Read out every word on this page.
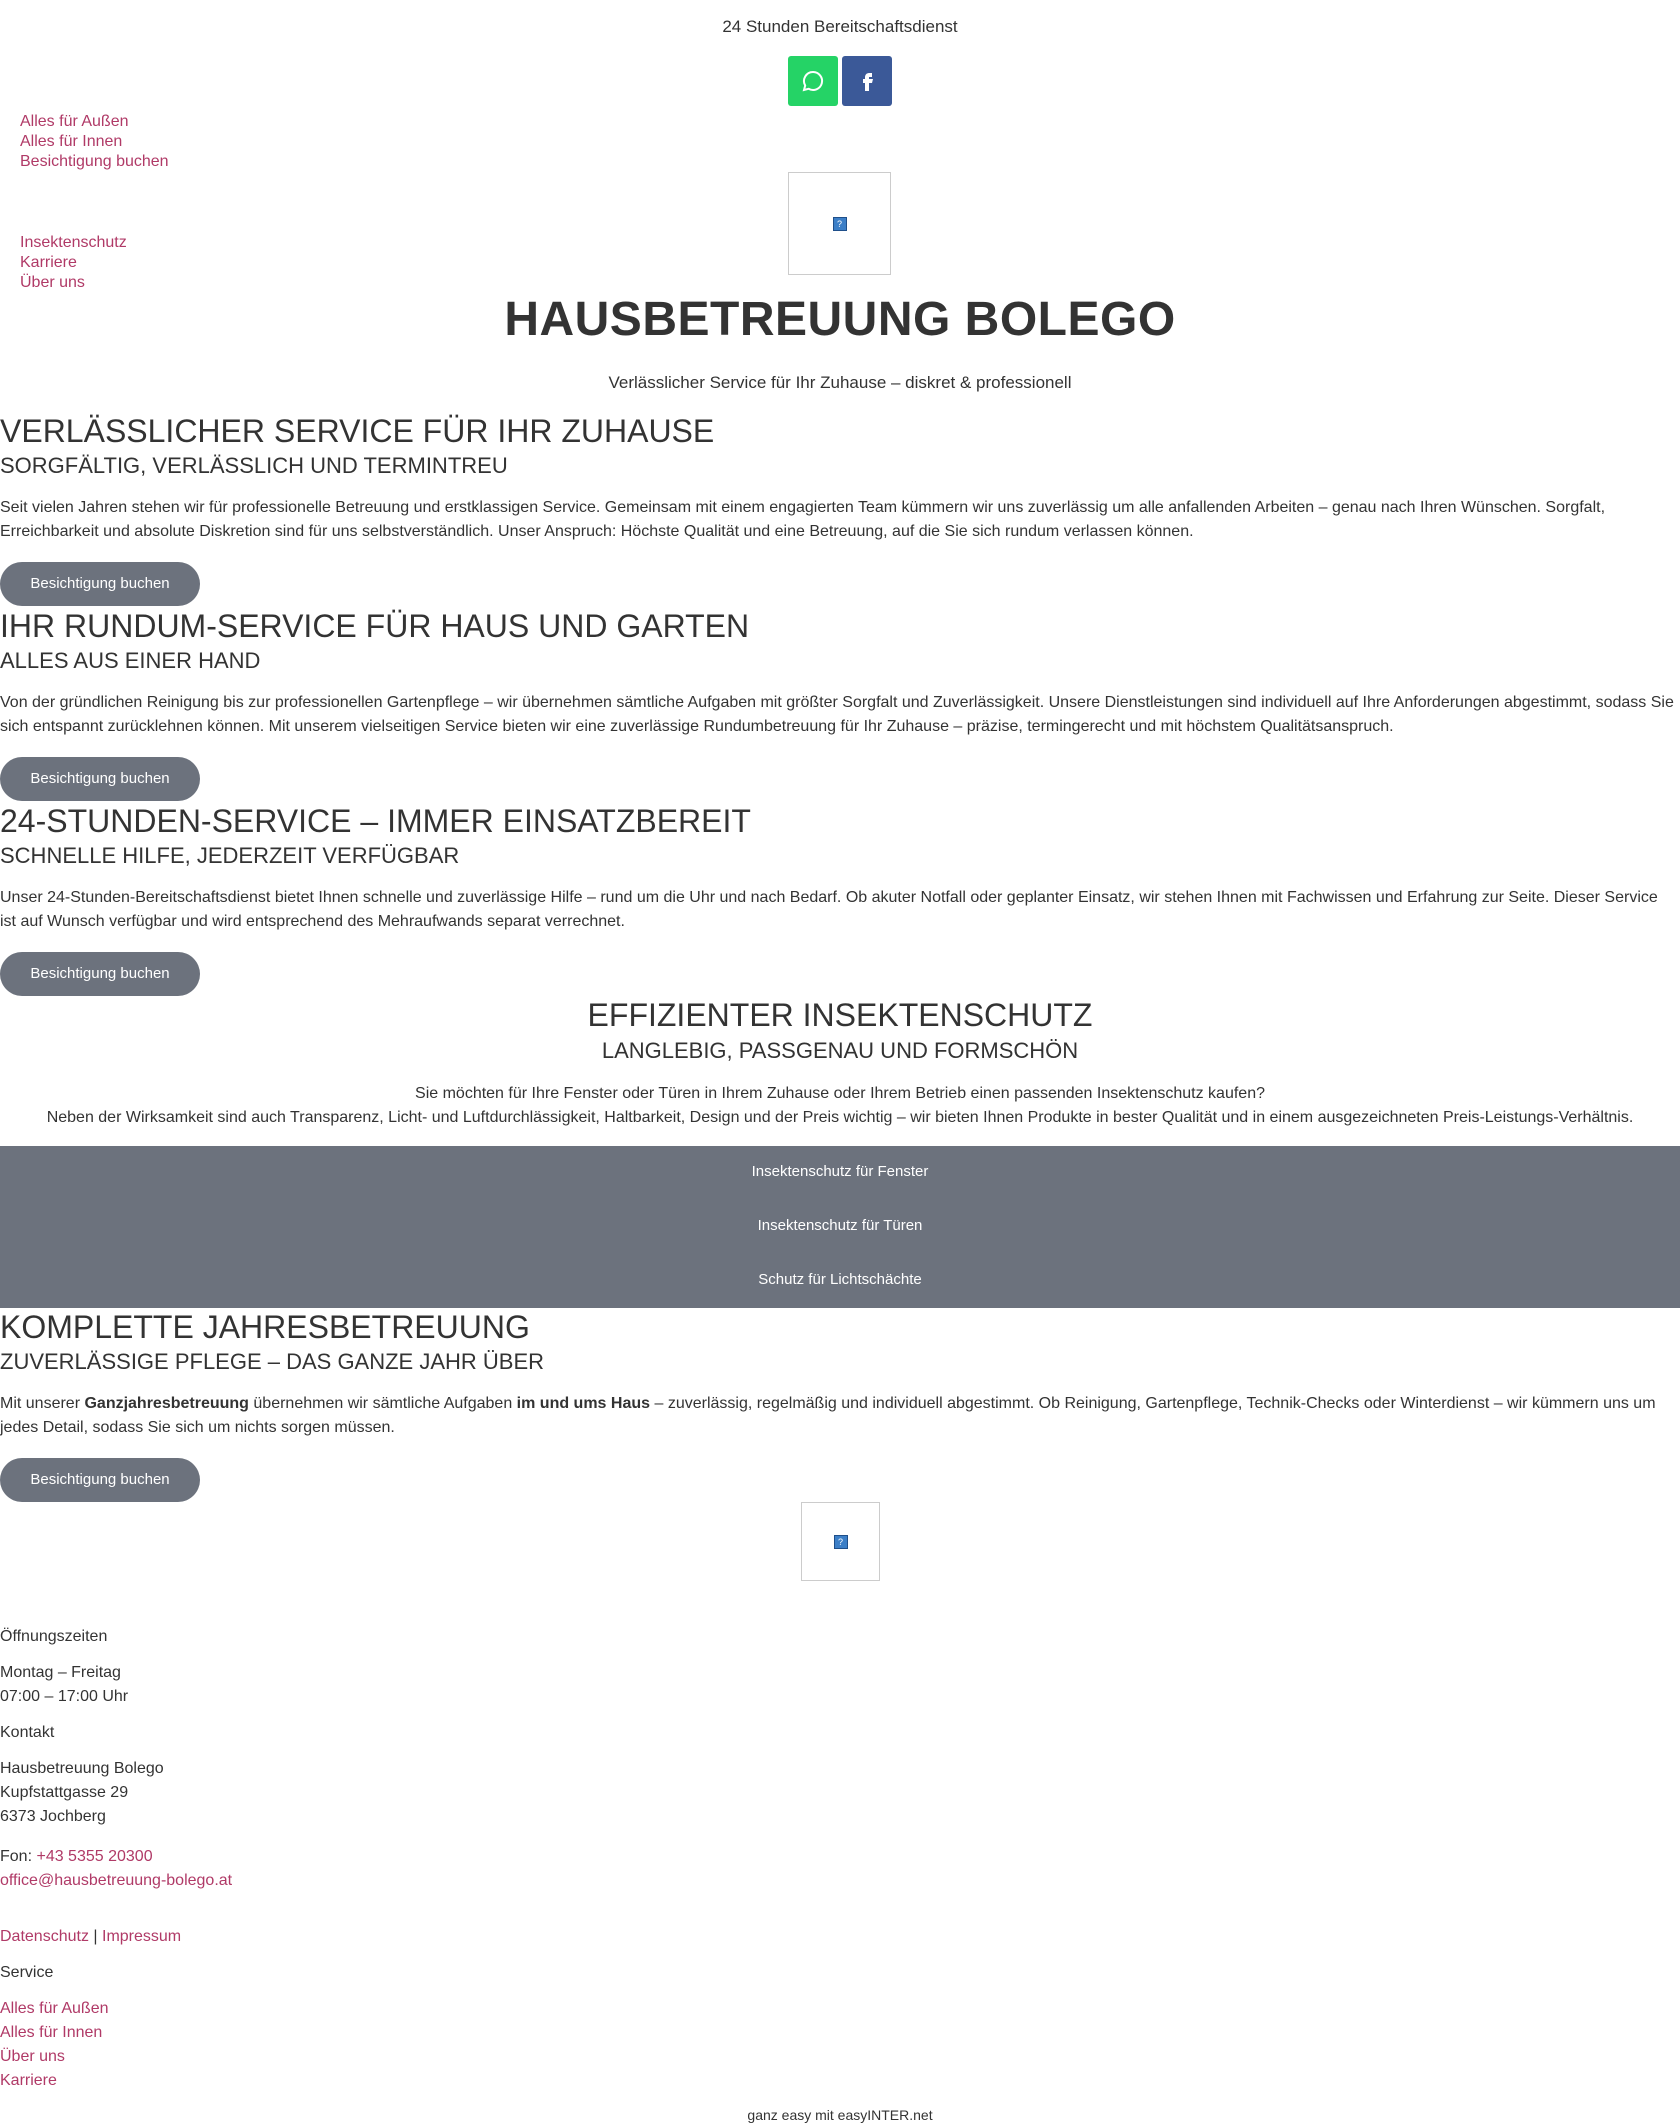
24 Stunden Bereitschaftsdienst
Alles für Außen
Alles für Innen
Besichtigung buchen
Insektenschutz
Karriere
Über uns
?
HAUSBETREUUNG BOLEGO
Verlässlicher Service für Ihr Zuhause – diskret & professionell
VERLÄSSLICHER SERVICE FÜR IHR ZUHAUSE
SORGFÄLTIG, VERLÄSSLICH UND TERMINTREU

Seit vielen Jahren stehen wir für professionelle Betreuung und erstklassigen Service. Gemeinsam mit einem engagierten Team kümmern wir uns zuverlässig um alle anfallenden Arbeiten – genau nach Ihren Wünschen. Sorgfalt, Erreichbarkeit und absolute Diskretion sind für uns selbstverständlich. Unser Anspruch: Höchste Qualität und eine Betreuung, auf die Sie sich rundum verlassen können.

Besichtigung buchen
IHR RUNDUM-SERVICE FÜR HAUS UND GARTEN
ALLES AUS EINER HAND

Von der gründlichen Reinigung bis zur professionellen Gartenpflege – wir übernehmen sämtliche Aufgaben mit größter Sorgfalt und Zuverlässigkeit. Unsere Dienstleistungen sind individuell auf Ihre Anforderungen abgestimmt, sodass Sie sich entspannt zurücklehnen können. Mit unserem vielseitigen Service bieten wir eine zuverlässige Rundumbetreuung für Ihr Zuhause – präzise, termingerecht und mit höchstem Qualitätsanspruch.

Besichtigung buchen
24-STUNDEN-SERVICE – IMMER EINSATZBEREIT
SCHNELLE HILFE, JEDERZEIT VERFÜGBAR

Unser 24-Stunden-Bereitschaftsdienst bietet Ihnen schnelle und zuverlässige Hilfe – rund um die Uhr und nach Bedarf. Ob akuter Notfall oder geplanter Einsatz, wir stehen Ihnen mit Fachwissen und Erfahrung zur Seite. Dieser Service ist auf Wunsch verfügbar und wird entsprechend des Mehraufwands separat verrechnet.

Besichtigung buchen
EFFIZIENTER INSEKTENSCHUTZ
LANGLEBIG, PASSGENAU UND FORMSCHÖN
Sie möchten für Ihre Fenster oder Türen in Ihrem Zuhause oder Ihrem Betrieb einen passenden Insektenschutz kaufen?
Neben der Wirksamkeit sind auch Transparenz, Licht- und Luftdurchlässigkeit, Haltbarkeit, Design und der Preis wichtig – wir bieten Ihnen Produkte in bester Qualität und in einem ausgezeichneten Preis-Leistungs-Verhältnis.
Insektenschutz für Fenster
Insektenschutz für Türen
Schutz für Lichtschächte
KOMPLETTE JAHRESBETREUUNG
ZUVERLÄSSIGE PFLEGE – DAS GANZE JAHR ÜBER

Mit unserer Ganzjahresbetreuung übernehmen wir sämtliche Aufgaben im und ums Haus – zuverlässig, regelmäßig und individuell abgestimmt. Ob Reinigung, Gartenpflege, Technik-Checks oder Winterdienst – wir kümmern uns um jedes Detail, sodass Sie sich um nichts sorgen müssen.

Besichtigung buchen
?
Öffnungszeiten
Montag – Freitag
07:00 – 17:00 Uhr
Kontakt
Hausbetreuung Bolego
Kupfstattgasse 29
6373 Jochberg
Fon: +43 5355 20300
office@hausbetreuung-bolego.at
Datenschutz | Impressum
Service
Alles für Außen
Alles für Innen
Über uns
Karriere
ganz easy mit easyINTER.net
